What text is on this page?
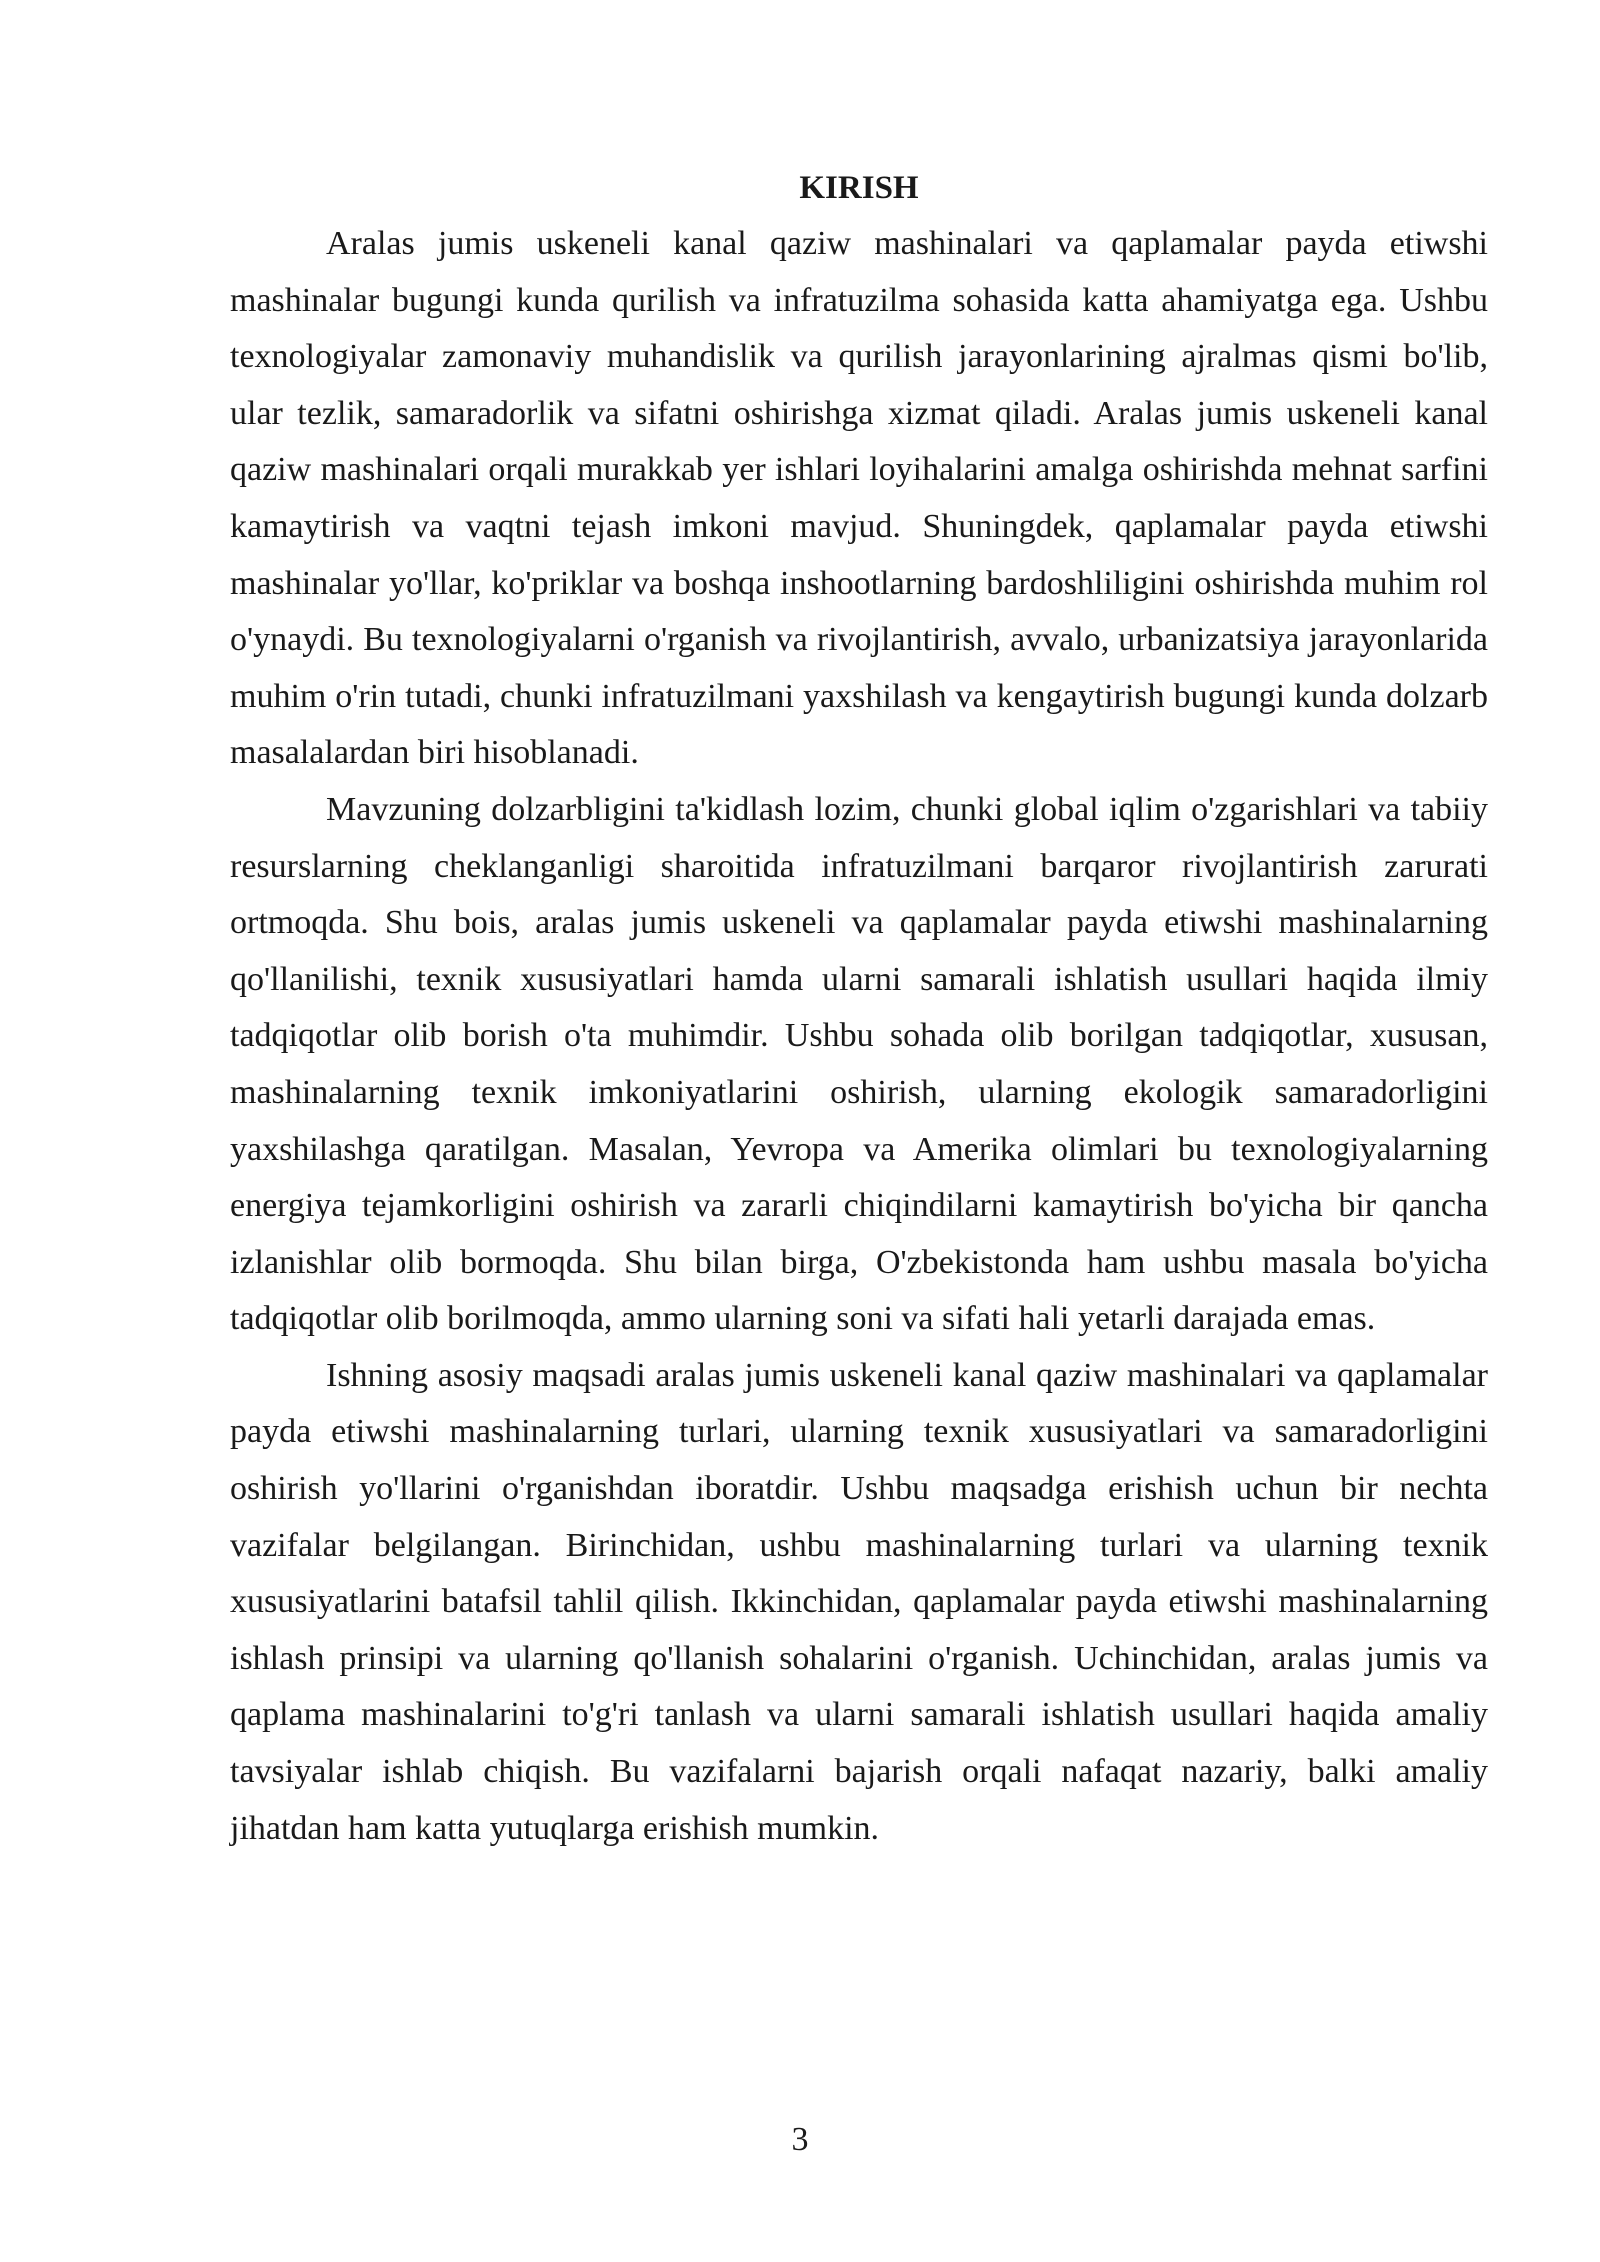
KIRISH

Aralas jumis uskeneli kanal qaziw mashinalari va qaplamalar payda etiwshi mashinalar bugungi kunda qurilish va infratuzilma sohasida katta ahamiyatga ega. Ushbu texnologiyalar zamonaviy muhandislik va qurilish jarayonlarining ajralmas qismi bo'lib, ular tezlik, samaradorlik va sifatni oshirishga xizmat qiladi. Aralas jumis uskeneli kanal qaziw mashinalari orqali murakkab yer ishlari loyihalarini amalga oshirishda mehnat sarfini kamaytirish va vaqtni tejash imkoni mavjud. Shuningdek, qaplamalar payda etiwshi mashinalar yo'llar, ko'priklar va boshqa inshootlarning bardoshliligini oshirishda muhim rol o'ynaydi. Bu texnologiyalarni o'rganish va rivojlantirish, avvalo, urbanizatsiya jarayonlarida muhim o'rin tutadi, chunki infratuzilmani yaxshilash va kengaytirish bugungi kunda dolzarb masalalardan biri hisoblanadi.

Mavzuning dolzarbligini ta'kidlash lozim, chunki global iqlim o'zgarishlari va tabiiy resurslarning cheklanganligi sharoitida infratuzilmani barqaror rivojlantirish zarurati ortmoqda. Shu bois, aralas jumis uskeneli va qaplamalar payda etiwshi mashinalarning qo'llanilishi, texnik xususiyatlari hamda ularni samarali ishlatish usullari haqida ilmiy tadqiqotlar olib borish o'ta muhimdir. Ushbu sohada olib borilgan tadqiqotlar, xususan, mashinalarning texnik imkoniyatlarini oshirish, ularning ekologik samaradorligini yaxshilashga qaratilgan. Masalan, Yevropa va Amerika olimlari bu texnologiyalarning energiya tejamkorligini oshirish va zararli chiqindilarni kamaytirish bo'yicha bir qancha izlanishlar olib bormoqda. Shu bilan birga, O'zbekistonda ham ushbu masala bo'yicha tadqiqotlar olib borilmoqda, ammo ularning soni va sifati hali yetarli darajada emas.

Ishning asosiy maqsadi aralas jumis uskeneli kanal qaziw mashinalari va qaplamalar payda etiwshi mashinalarning turlari, ularning texnik xususiyatlari va samaradorligini oshirish yo'llarini o'rganishdan iboratdir. Ushbu maqsadga erishish uchun bir nechta vazifalar belgilangan. Birinchidan, ushbu mashinalarning turlari va ularning texnik xususiyatlarini batafsil tahlil qilish. Ikkinchidan, qaplamalar payda etiwshi mashinalarning ishlash prinsipi va ularning qo'llanish sohalarini o'rganish. Uchinchidan, aralas jumis va qaplama mashinalarini to'g'ri tanlash va ularni samarali ishlatish usullari haqida amaliy tavsiyalar ishlab chiqish. Bu vazifalarni bajarish orqali nafaqat nazariy, balki amaliy jihatdan ham katta yutuqlarga erishish mumkin.

3
